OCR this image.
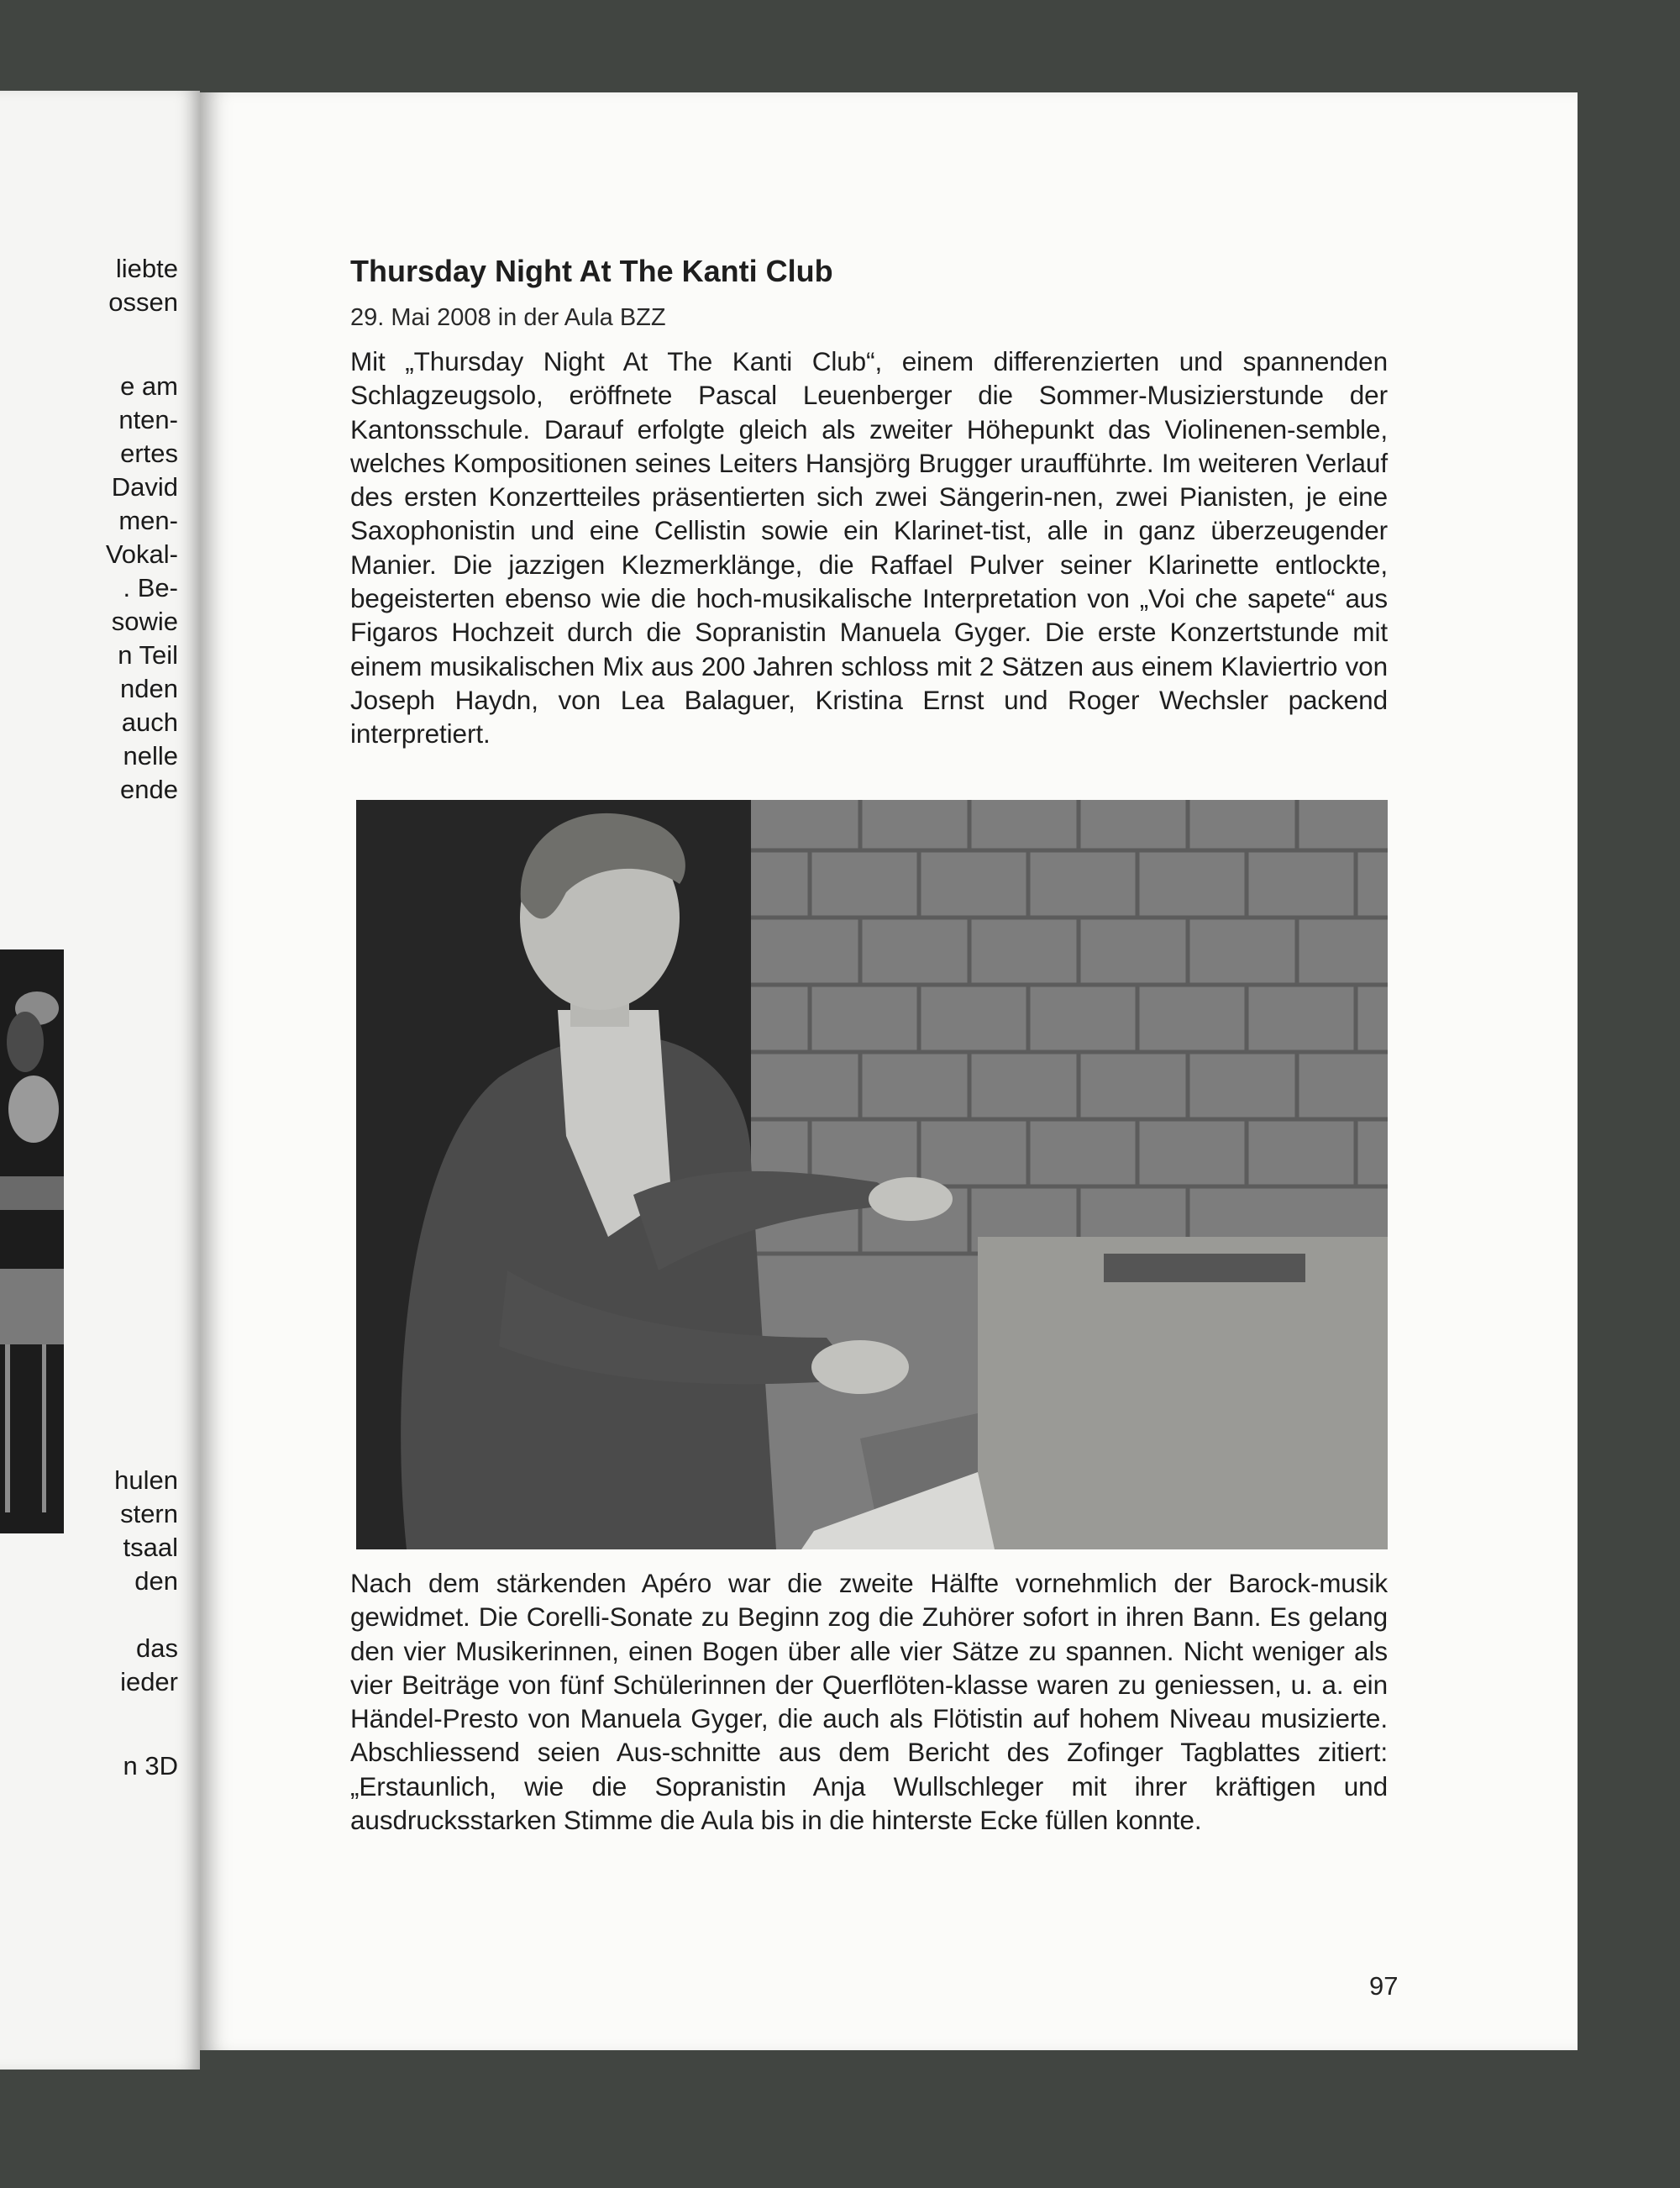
liebte
ossen
e am
nten-
ertes
David
men-
Vokal-
. Be-
sowie
n Teil
nden
auch
nelle
ende
hulen
stern
tsaal
den
das
ieder
n 3D
Thursday Night At The Kanti Club
29. Mai 2008 in der Aula BZZ
Mit „Thursday Night At The Kanti Club“, einem differenzierten und spannenden Schlagzeugsolo, eröffnete Pascal Leuenberger die Sommer-Musizierstunde der Kantonsschule. Darauf erfolgte gleich als zweiter Höhepunkt das Violinenen-semble, welches Kompositionen seines Leiters Hansjörg Brugger uraufführte. Im weiteren Verlauf des ersten Konzertteiles präsentierten sich zwei Sängerin-nen, zwei Pianisten, je eine Saxophonistin und eine Cellistin sowie ein Klarinet-tist, alle in ganz überzeugender Manier. Die jazzigen Klezmerklänge, die Raffael Pulver seiner Klarinette entlockte, begeisterten ebenso wie die hoch-musikalische Interpretation von „Voi che sapete“ aus Figaros Hochzeit durch die Sopranistin Manuela Gyger. Die erste Konzertstunde mit einem musikalischen Mix aus 200 Jahren schloss mit 2 Sätzen aus einem Klaviertrio von Joseph Haydn, von Lea Balaguer, Kristina Ernst und Roger Wechsler packend interpretiert.
Nach dem stärkenden Apéro war die zweite Hälfte vornehmlich der Barock-musik gewidmet. Die Corelli-Sonate zu Beginn zog die Zuhörer sofort in ihren Bann. Es gelang den vier Musikerinnen, einen Bogen über alle vier Sätze zu spannen. Nicht weniger als vier Beiträge von fünf Schülerinnen der Querflöten-klasse waren zu geniessen, u. a. ein Händel-Presto von Manuela Gyger, die auch als Flötistin auf hohem Niveau musizierte. Abschliessend seien Aus-schnitte aus dem Bericht des Zofinger Tagblattes zitiert: „Erstaunlich, wie die Sopranistin Anja Wullschleger mit ihrer kräftigen und ausdrucksstarken Stimme die Aula bis in die hinterste Ecke füllen konnte.
97
